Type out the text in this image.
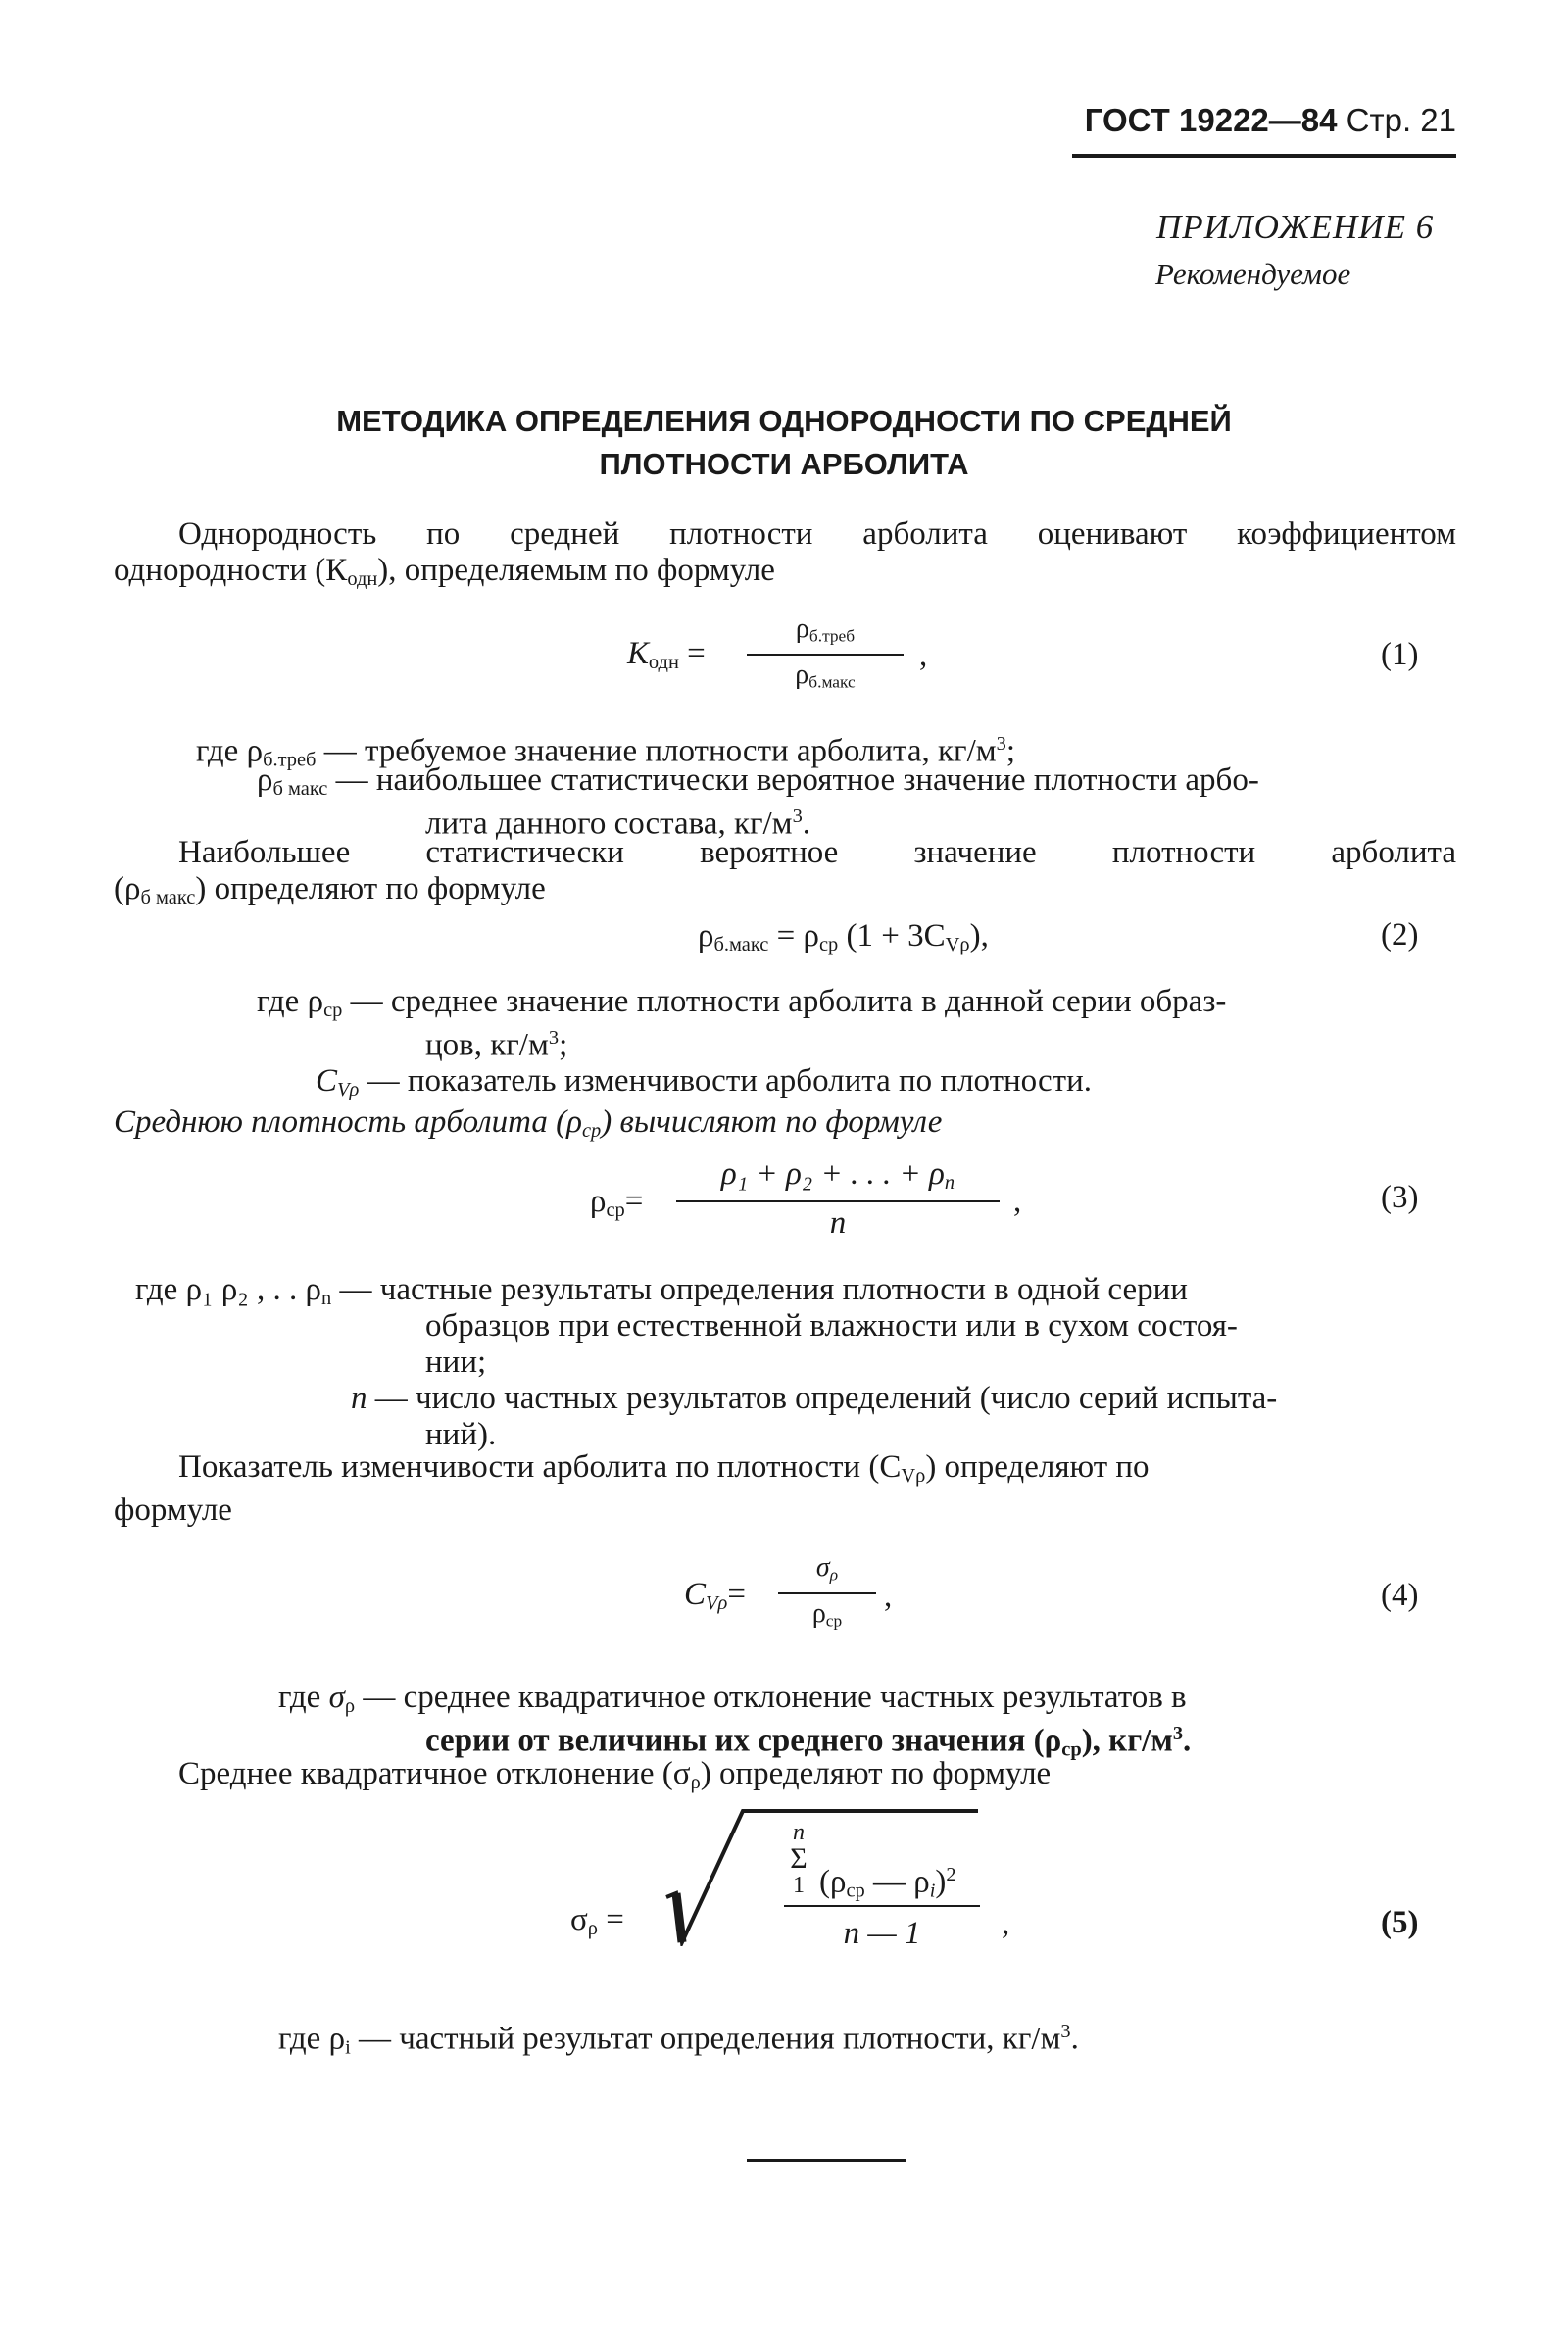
ГОСТ 19222—84 Стр. 21
ПРИЛОЖЕНИЕ 6
Рекомендуемое
МЕТОДИКА ОПРЕДЕЛЕНИЯ ОДНОРОДНОСТИ ПО СРЕДНЕЙ
ПЛОТНОСТИ АРБОЛИТА
Однородность по средней плотности арболита оценивают коэффициентом
однородности $(К_{одн})$, определяемым по формуле
$К_{одн}$ =
$\rho_{б.треб}$
$\rho_{б.макс}$
,	(1)
где $\rho_{б.треб}$ — требуемое значение плотности арболита, $кг/м^3$;
$\rho_{б макс}$ — наибольшее статистически вероятное значение плотности арбо-
лита данного состава, $кг/м^3$.
Наибольшее статистически вероятное значение плотности арболита
$(\rho_{б макс})$ определяют по формуле
$\rho_{б.макс} = \rho_{ср}$ $(1 + 3C_{V\rho})$,	(2)
где $\rho_{ср}$ — среднее значение плотности арболита в данной серии образ-
цов, $кг/м^3$;
$C_{V\rho}$ — показатель изменчивости арболита по плотности.
Среднюю плотность арболита $(\rho_{ср})$ вычисляют по формуле
$\rho_{ср}=$
ρ₁ + ρ₂ + . . . + $\rho_n$
n
,	(3)
где ρ₁ ρ₂ , . . $\rho_n$ — частные результаты определения плотности в одной серии
образцов при естественной влажности или в сухом состоя-
нии;
n — число частных результатов определений (число серий испыта-
ний).
Показатель изменчивости арболита по плотности $(C_{V\rho})$ определяют по
формуле
$C_{V\rho}=$
$\sigma_\rho$
$\rho_{ср}$
,	(4)
где $\sigma_\rho$ — среднее квадратичное отклонение частных результатов в
серии от величины их среднего значения $(\rho_{ср})$, $кг/м^3$.
Среднее квадратичное отклонение $(\sigma_\rho)$ определяют по формуле
$\sigma_\rho$ =
n
Σ
1 ($\rho_{ср}$ — $\rho_i)^2$
n — 1	,	(5)
где $\rho_i$ — частный результат определения плотности, $кг/м^3$.
